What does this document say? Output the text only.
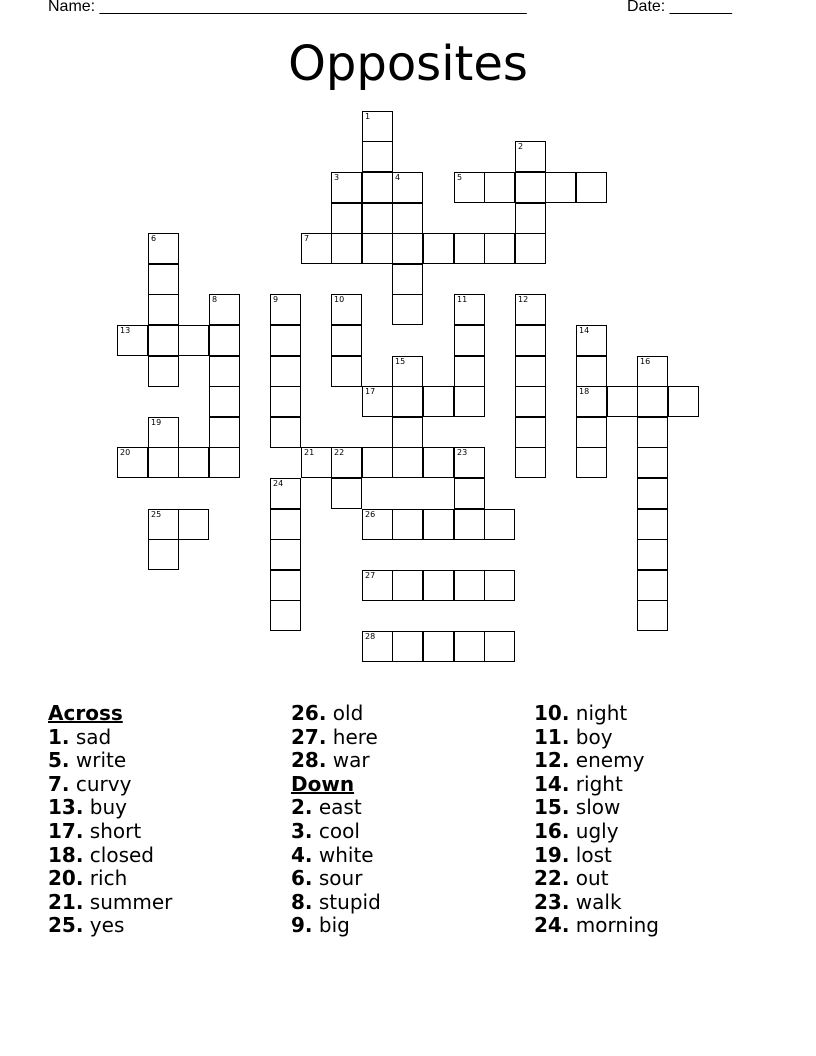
Name: ________________________________________________	Date: _______
Opposites
1
2
3	4	5
6	7
8	9	10	11	12
13	14
15	16
17	18
19
20	21 22	23
24
25	26
27
28
Across
1. sad
5. write
7. curvy
13. buy
17. short
18. closed
20. rich
21. summer
25. yes
26. old
27. here
28. war
Down
2. east
3. cool
4. white
6. sour
8. stupid
9. big
10. night
11. boy
12. enemy
14. right
15. slow
16. ugly
19. lost
22. out
23. walk
24. morning
